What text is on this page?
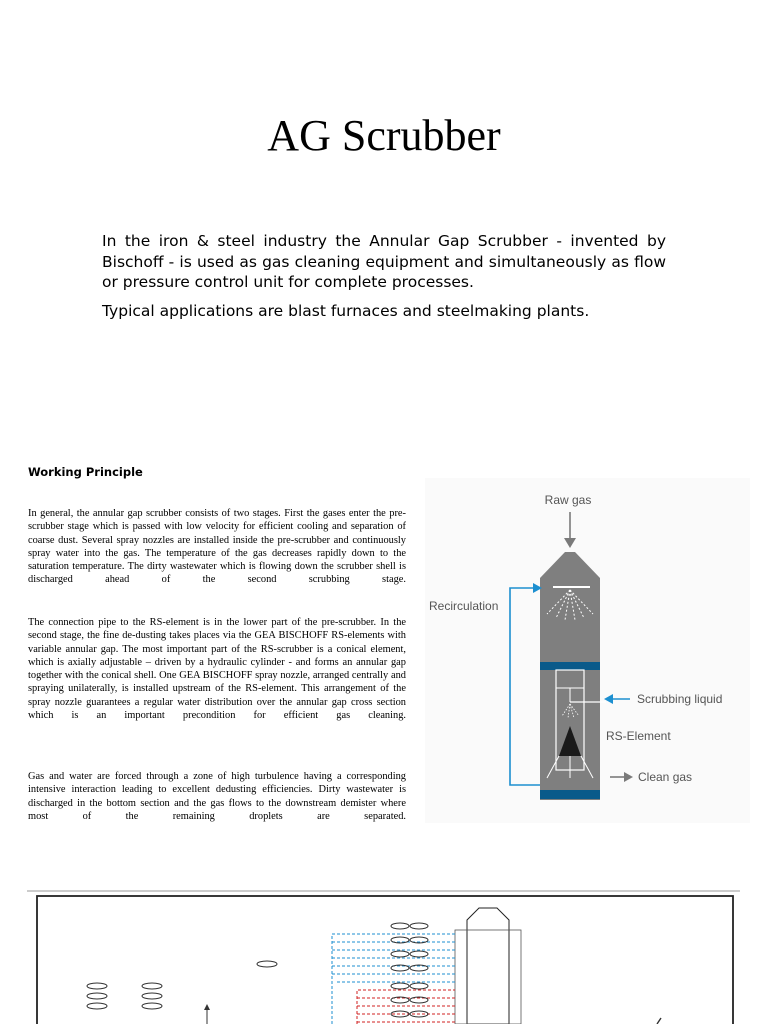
AG Scrubber
In the iron & steel industry the Annular Gap Scrubber - invented by Bischoff - is used as gas cleaning equipment and simultaneously as flow or pressure control unit for complete processes.
Typical applications are blast furnaces and steelmaking plants.
Working Principle
In general, the annular gap scrubber consists of two stages. First the gases enter the pre-scrubber stage which is passed with low velocity for efficient cooling and separation of coarse dust. Several spray nozzles are installed inside the pre-scrubber and continuously spray water into the gas. The temperature of the gas decreases rapidly down to the saturation temperature. The dirty wastewater which is flowing down the scrubber shell is discharged ahead of the second scrubbing stage.
The connection pipe to the RS-element is in the lower part of the pre-scrubber. In the second stage, the fine de-dusting takes places via the GEA BISCHOFF RS-elements with variable annular gap. The most important part of the RS-scrubber is a conical element, which is axially adjustable – driven by a hydraulic cylinder - and forms an annular gap together with the conical shell. One GEA BISCHOFF spray nozzle, arranged centrally and spraying unilaterally, is installed upstream of the RS-element. This arrangement of the spray nozzle guarantees a regular water distribution over the annular gap cross section which is an important precondition for efficient gas cleaning.
Gas and water are forced through a zone of high turbulence having a corresponding intensive interaction leading to excellent dedusting efficiencies. Dirty wastewater is discharged in the bottom section and the gas flows to the downstream demister where most of the remaining droplets are separated.
Raw gas
Recirculation
Scrubbing liquid
RS-Element
Clean gas
